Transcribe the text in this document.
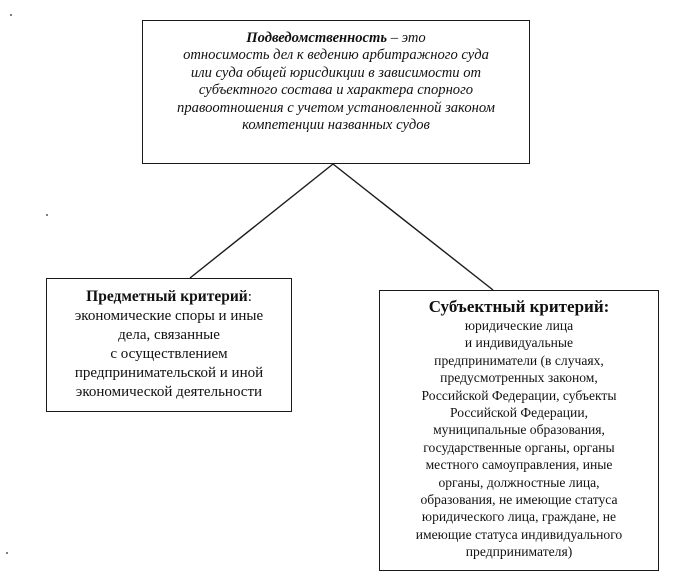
Подведомственность – это
относимость дел к ведению арбитражного суда
или суда общей юрисдикции в зависимости от
субъектного состава и характера спорного
правоотношения с учетом установленной законом
компетенции названных судов
Предметный критерий:
экономические споры и иные
дела, связанные
с осуществлением
предпринимательской и иной
экономической деятельности
Субъектный критерий:
юридические лица
и индивидуальные
предприниматели (в случаях,
предусмотренных законом,
Российской Федерации, субъекты
Российской Федерации,
муниципальные образования,
государственные органы, органы
местного самоуправления, иные
органы, должностные лица,
образования, не имеющие статуса
юридического лица, граждане, не
имеющие статуса индивидуального
предпринимателя)
